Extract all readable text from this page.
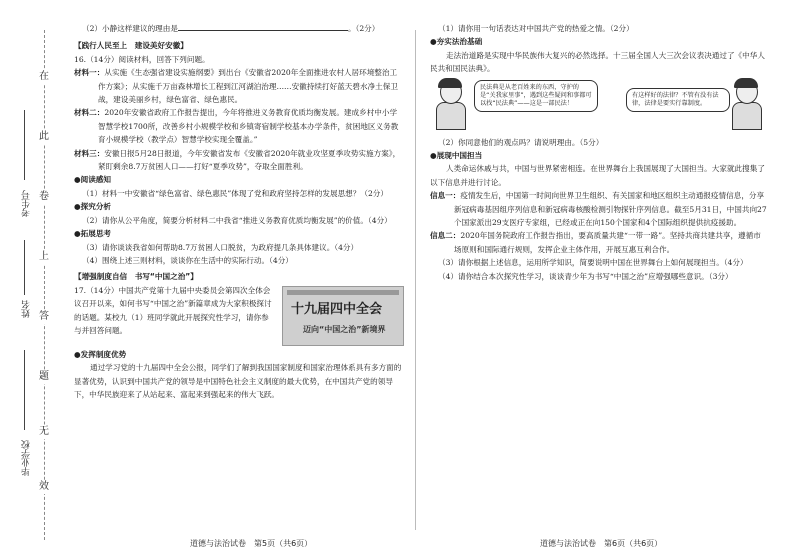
在
此
卷
上
答
题
无
效
考生号
姓名
毕业学校

（2）小静这样建议的理由是	。（2分）

【践行人民至上　建设美好安徽】

16.（14分）阅读材料，回答下列问题。

材料一：从实施《生态强省建设实施纲要》到出台《安徽省2020年全面推进农村人居环境整治工作方案》；从实施千万亩森林增长工程到江河湖泊治理……安徽持续打好蓝天碧水净土保卫战，建设美丽乡村，绿色富省、绿色惠民。

材料二：2020年安徽省政府工作报告提出，今年将推进义务教育优质均衡发展。建成乡村中小学智慧学校1700所，改善乡村小规模学校和乡镇寄宿制学校基本办学条件，贫困地区义务教育小规模学校（教学点）智慧学校实现全覆盖。”

材料三：安徽日报5月28日报道，今年安徽省发布《安徽省2020年就业攻坚夏季攻势实施方案》，紧盯剩余8.7万贫困人口——打好“夏季攻势”，夺取全面胜利。

●阅读感知

（1）材料一中安徽省“绿色富省、绿色惠民”体现了党和政府坚持怎样的发展思想？（2分）

●探究分析

（2）请你从公平角度，简要分析材料二中我省“推进义务教育优质均衡发展”的价值。（4分）

●拓展思考

（3）请你谈谈我省如何帮助8.7万贫困人口脱贫，为政府提几条具体建议。（4分）

（4）围绕上述三则材料，谈谈你在生活中的实际行动。（4分）

【增强制度自信　书写“中国之治”】

十九届四中全会
迈向“中国之治”新境界

17.（14分）中国共产党第十九届中央委员会第四次全体会议召开以来，如何书写“中国之治”新篇章成为大家积极探讨的话题。某校九（1）班同学就此开展探究性学习，请你参与并回答问题。

●发挥制度优势

通过学习党的十九届四中全会公报，同学们了解到我国国家制度和国家治理体系具有多方面的显著优势，认识到中国共产党的领导是中国特色社会主义制度的最大优势，在中国共产党的领导下，中华民族迎来了从站起来、富起来到强起来的伟大飞跃。

（1）请你用一句话表达对中国共产党的热爱之情。（2分）

●夯实法治基础

走法治道路是实现中华民族伟大复兴的必然选择。十三届全国人大三次会议表决通过了《中华人民共和国民法典》。

民法典是从老百姓来的东西，守护的是“关我家里事”，遇到这些疑问和事都可以找“民法典”——这是一部民法！
有这样好的法律？不管有没有法律，法律是要实行靠制度。

（2）你同意他们的观点吗？请说明理由。（5分）

●展现中国担当

人类命运休戚与共，中国与世界紧密相连。在世界舞台上我国展现了大国担当。大家就此搜集了以下信息并进行讨论。

信息一：疫情发生后，中国第一时间向世界卫生组织、有关国家和地区组织主动通报疫情信息，分享新冠病毒基因组序列信息和新冠病毒核酸检测引物探针序列信息。截至5月31日，中国共向27个国家派出29支医疗专家组，已经或正在向150个国家和4个国际组织提供抗疫援助。

信息二：2020年国务院政府工作报告指出，要高质量共建“一带一路”。坚持共商共建共享，遵循市场原则和国际通行规则，发挥企业主体作用，开展互惠互利合作。

（3）请你根据上述信息，运用所学知识，简要说明中国在世界舞台上如何展现担当。（4分）

（4）请你结合本次探究性学习，谈谈青少年为书写“中国之治”应增强哪些意识。（3分）

道德与法治试卷　第5页（共6页）	道德与法治试卷　第6页（共6页）
